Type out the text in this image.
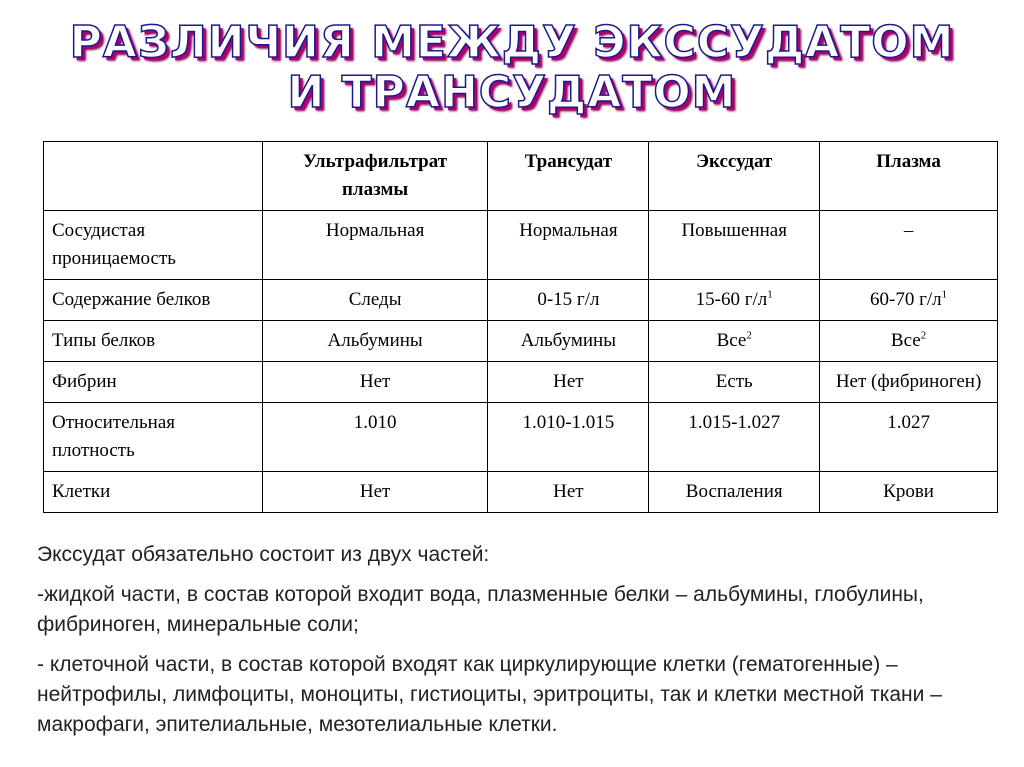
РАЗЛИЧИЯ МЕЖДУ ЭКССУДАТОМ
И ТРАНСУДАТОМ
	Ультрафильтрат плазмы	Трансудат	Экссудат	Плазма
Сосудистая проницаемость	Нормальная	Нормальная	Повышенная	–
Содержание белков	Следы	0-15 г/л	15-60 $г/л^1$	60-70 $г/л^1$
Типы белков	Альбумины	Альбумины	Все$^2$	Все$^2$
Фибрин	Нет	Нет	Есть	Нет (фибриноген)
Относительная плотность	1.010	1.010-1.015	1.015-1.027	1.027
Клетки	Нет	Нет	Воспаления	Крови

Экссудат обязательно состоит из двух частей:

-жидкой части, в состав которой входит вода, плазменные белки – альбумины, глобулины, фибриноген, минеральные соли;

- клеточной части, в состав которой входят как циркулирующие клетки (гематогенные) – нейтрофилы, лимфоциты, моноциты, гистиоциты, эритроциты, так и клетки местной ткани – макрофаги, эпителиальные, мезотелиальные клетки.
